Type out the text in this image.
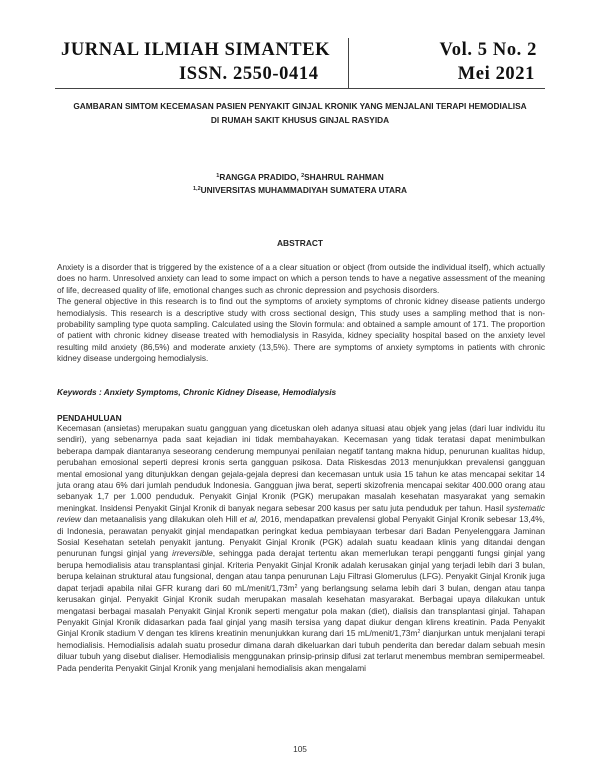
JURNAL ILMIAH SIMANTEK
ISSN. 2550-0414
Vol. 5 No. 2
Mei 2021
GAMBARAN SIMTOM KECEMASAN PASIEN PENYAKIT GINJAL KRONIK YANG MENJALANI TERAPI HEMODIALISA
DI RUMAH SAKIT KHUSUS GINJAL RASYIDA
$^1$RANGGA PRADIDO, $^2$SHAHRUL RAHMAN
$^{1,2}$UNIVERSITAS MUHAMMADIYAH SUMATERA UTARA
ABSTRACT

Anxiety is a disorder that is triggered by the existence of a a clear situation or object (from outside the individual itself), which actually does no harm. Unresolved anxiety can lead to some impact on which a person tends to have a negative assessment of the meaning of life, decreased quality of life, emotional changes such as chronic depression and psychosis disorders.

The general objective in this research is to find out the symptoms of anxiety symptoms of chronic kidney disease patients undergo hemodialysis. This research is a descriptive study with cross sectional design, This study uses a sampling method that is non-probability sampling type quota sampling. Calculated using the Slovin formula: and obtained a sample amount of 171. The proportion of patient with chronic kidney disease treated with hemodialysis in Rasyida, kidney speciality hospital based on the anxiety level resulting mild anxiety (86,5%) and moderate anxiety (13,5%). There are symptoms of anxiety symptoms in patients with chronic kidney disease undergoing hemodialysis.

Keywords : Anxiety Symptoms, Chronic Kidney Disease, Hemodialysis
PENDAHULUAN

Kecemasan (ansietas) merupakan suatu gangguan yang dicetuskan oleh adanya situasi atau objek yang jelas (dari luar individu itu sendiri), yang sebenarnya pada saat kejadian ini tidak membahayakan. Kecemasan yang tidak teratasi dapat menimbulkan beberapa dampak diantaranya seseorang cenderung mempunyai penilaian negatif tantang makna hidup, penurunan kualitas hidup, perubahan emosional seperti depresi kronis serta gangguan psikosa. Data Riskesdas 2013 menunjukkan prevalensi gangguan mental emosional yang ditunjukkan dengan gejala-gejala depresi dan kecemasan untuk usia 15 tahun ke atas mencapai sekitar 14 juta orang atau 6% dari jumlah penduduk Indonesia. Gangguan jiwa berat, seperti skizofrenia mencapai sekitar 400.000 orang atau sebanyak 1,7 per 1.000 penduduk. Penyakit Ginjal Kronik (PGK) merupakan masalah kesehatan masyarakat yang semakin meningkat. Insidensi Penyakit Ginjal Kronik di banyak negara sebesar 200 kasus per satu juta penduduk per tahun. Hasil systematic review dan metaanalisis yang dilakukan oleh Hill et al, 2016, mendapatkan prevalensi global Penyakit Ginjal Kronik sebesar 13,4%, di Indonesia, perawatan penyakit ginjal mendapatkan peringkat kedua pembiayaan terbesar dari Badan Penyelenggara Jaminan Sosial Kesehatan setelah penyakit jantung. Penyakit Ginjal Kronik (PGK) adalah suatu keadaan klinis yang ditandai dengan penurunan fungsi ginjal yang irreversible, sehingga pada derajat tertentu akan memerlukan terapi pengganti fungsi ginjal yang berupa hemodialisis atau transplantasi ginjal. Kriteria Penyakit Ginjal Kronik adalah kerusakan ginjal yang terjadi lebih dari 3 bulan, berupa kelainan struktural atau fungsional, dengan atau tanpa penurunan Laju Filtrasi Glomerulus (LFG). Penyakit Ginjal Kronik juga dapat terjadi apabila nilai GFR kurang dari 60 $mL/menit/1,73m^2$ yang berlangsung selama lebih dari 3 bulan, dengan atau tanpa kerusakan ginjal. Penyakit Ginjal Kronik sudah merupakan masalah kesehatan masyarakat. Berbagai upaya dilakukan untuk mengatasi berbagai masalah Penyakit Ginjal Kronik seperti mengatur pola makan (diet), dialisis dan transplantasi ginjal. Tahapan Penyakit Ginjal Kronik didasarkan pada faal ginjal yang masih tersisa yang dapat diukur dengan klirens kreatinin. Pada Penyakit Ginjal Kronik stadium V dengan tes klirens kreatinin menunjukkan kurang dari 15 $mL/menit/1,73m^2$ dianjurkan untuk menjalani terapi hemodialisis. Hemodialisis adalah suatu prosedur dimana darah dikeluarkan dari tubuh penderita dan beredar dalam sebuah mesin diluar tubuh yang disebut dialiser. Hemodialisis menggunakan prinsip-prinsip difusi zat terlarut menembus membran semipermeabel. Pada penderita Penyakit Ginjal Kronik yang menjalani hemodialisis akan mengalami

105
